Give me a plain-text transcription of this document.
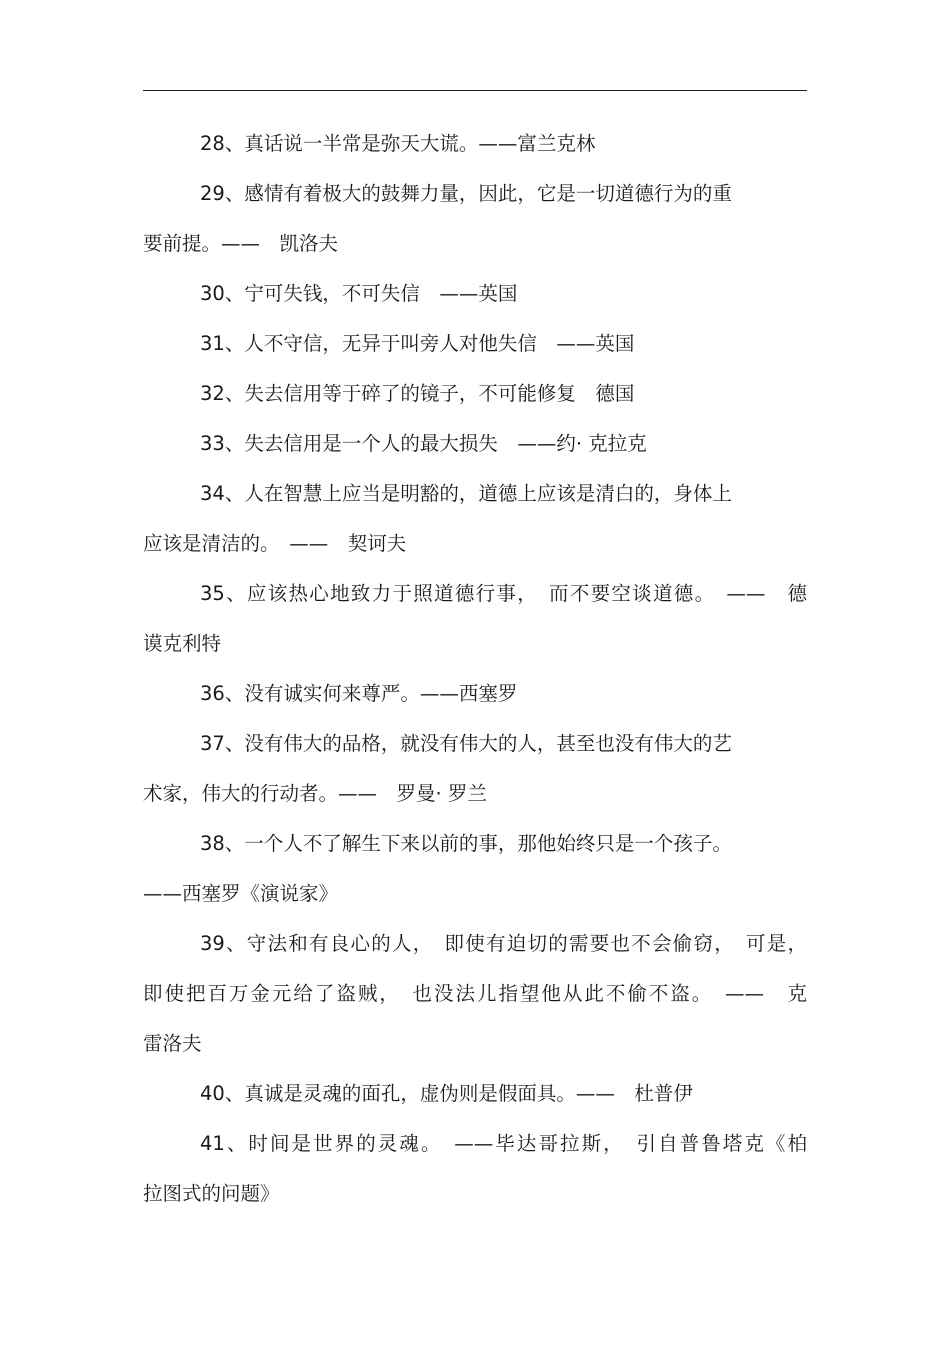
28、真话说一半常是弥天大谎。——富兰克林
29、感情有着极大的鼓舞力量，因此，它是一切道德行为的重
要前提。——　凯洛夫
30、宁可失钱，不可失信　——英国
31、人不守信，无异于叫旁人对他失信　——英国
32、失去信用等于碎了的镜子，不可能修复　德国
33、失去信用是一个人的最大损失　——约· 克拉克
34、人在智慧上应当是明豁的，道德上应该是清白的，身体上
应该是清洁的。　——　契诃夫
35、应该热心地致力于照道德行事，　而不要空谈道德。　——　德
谟克利特
36、没有诚实何来尊严。——西塞罗
37、没有伟大的品格，就没有伟大的人，甚至也没有伟大的艺
术家，伟大的行动者。——　罗曼· 罗兰
38、一个人不了解生下来以前的事，那他始终只是一个孩子。
——西塞罗《演说家》
39、守法和有良心的人，　即使有迫切的需要也不会偷窃，　可是，
即使把百万金元给了盗贼，　也没法儿指望他从此不偷不盗。　——　克
雷洛夫
40、真诚是灵魂的面孔，虚伪则是假面具。——　杜普伊
41、时间是世界的灵魂。　——毕达哥拉斯，　引自普鲁塔克《柏
拉图式的问题》
